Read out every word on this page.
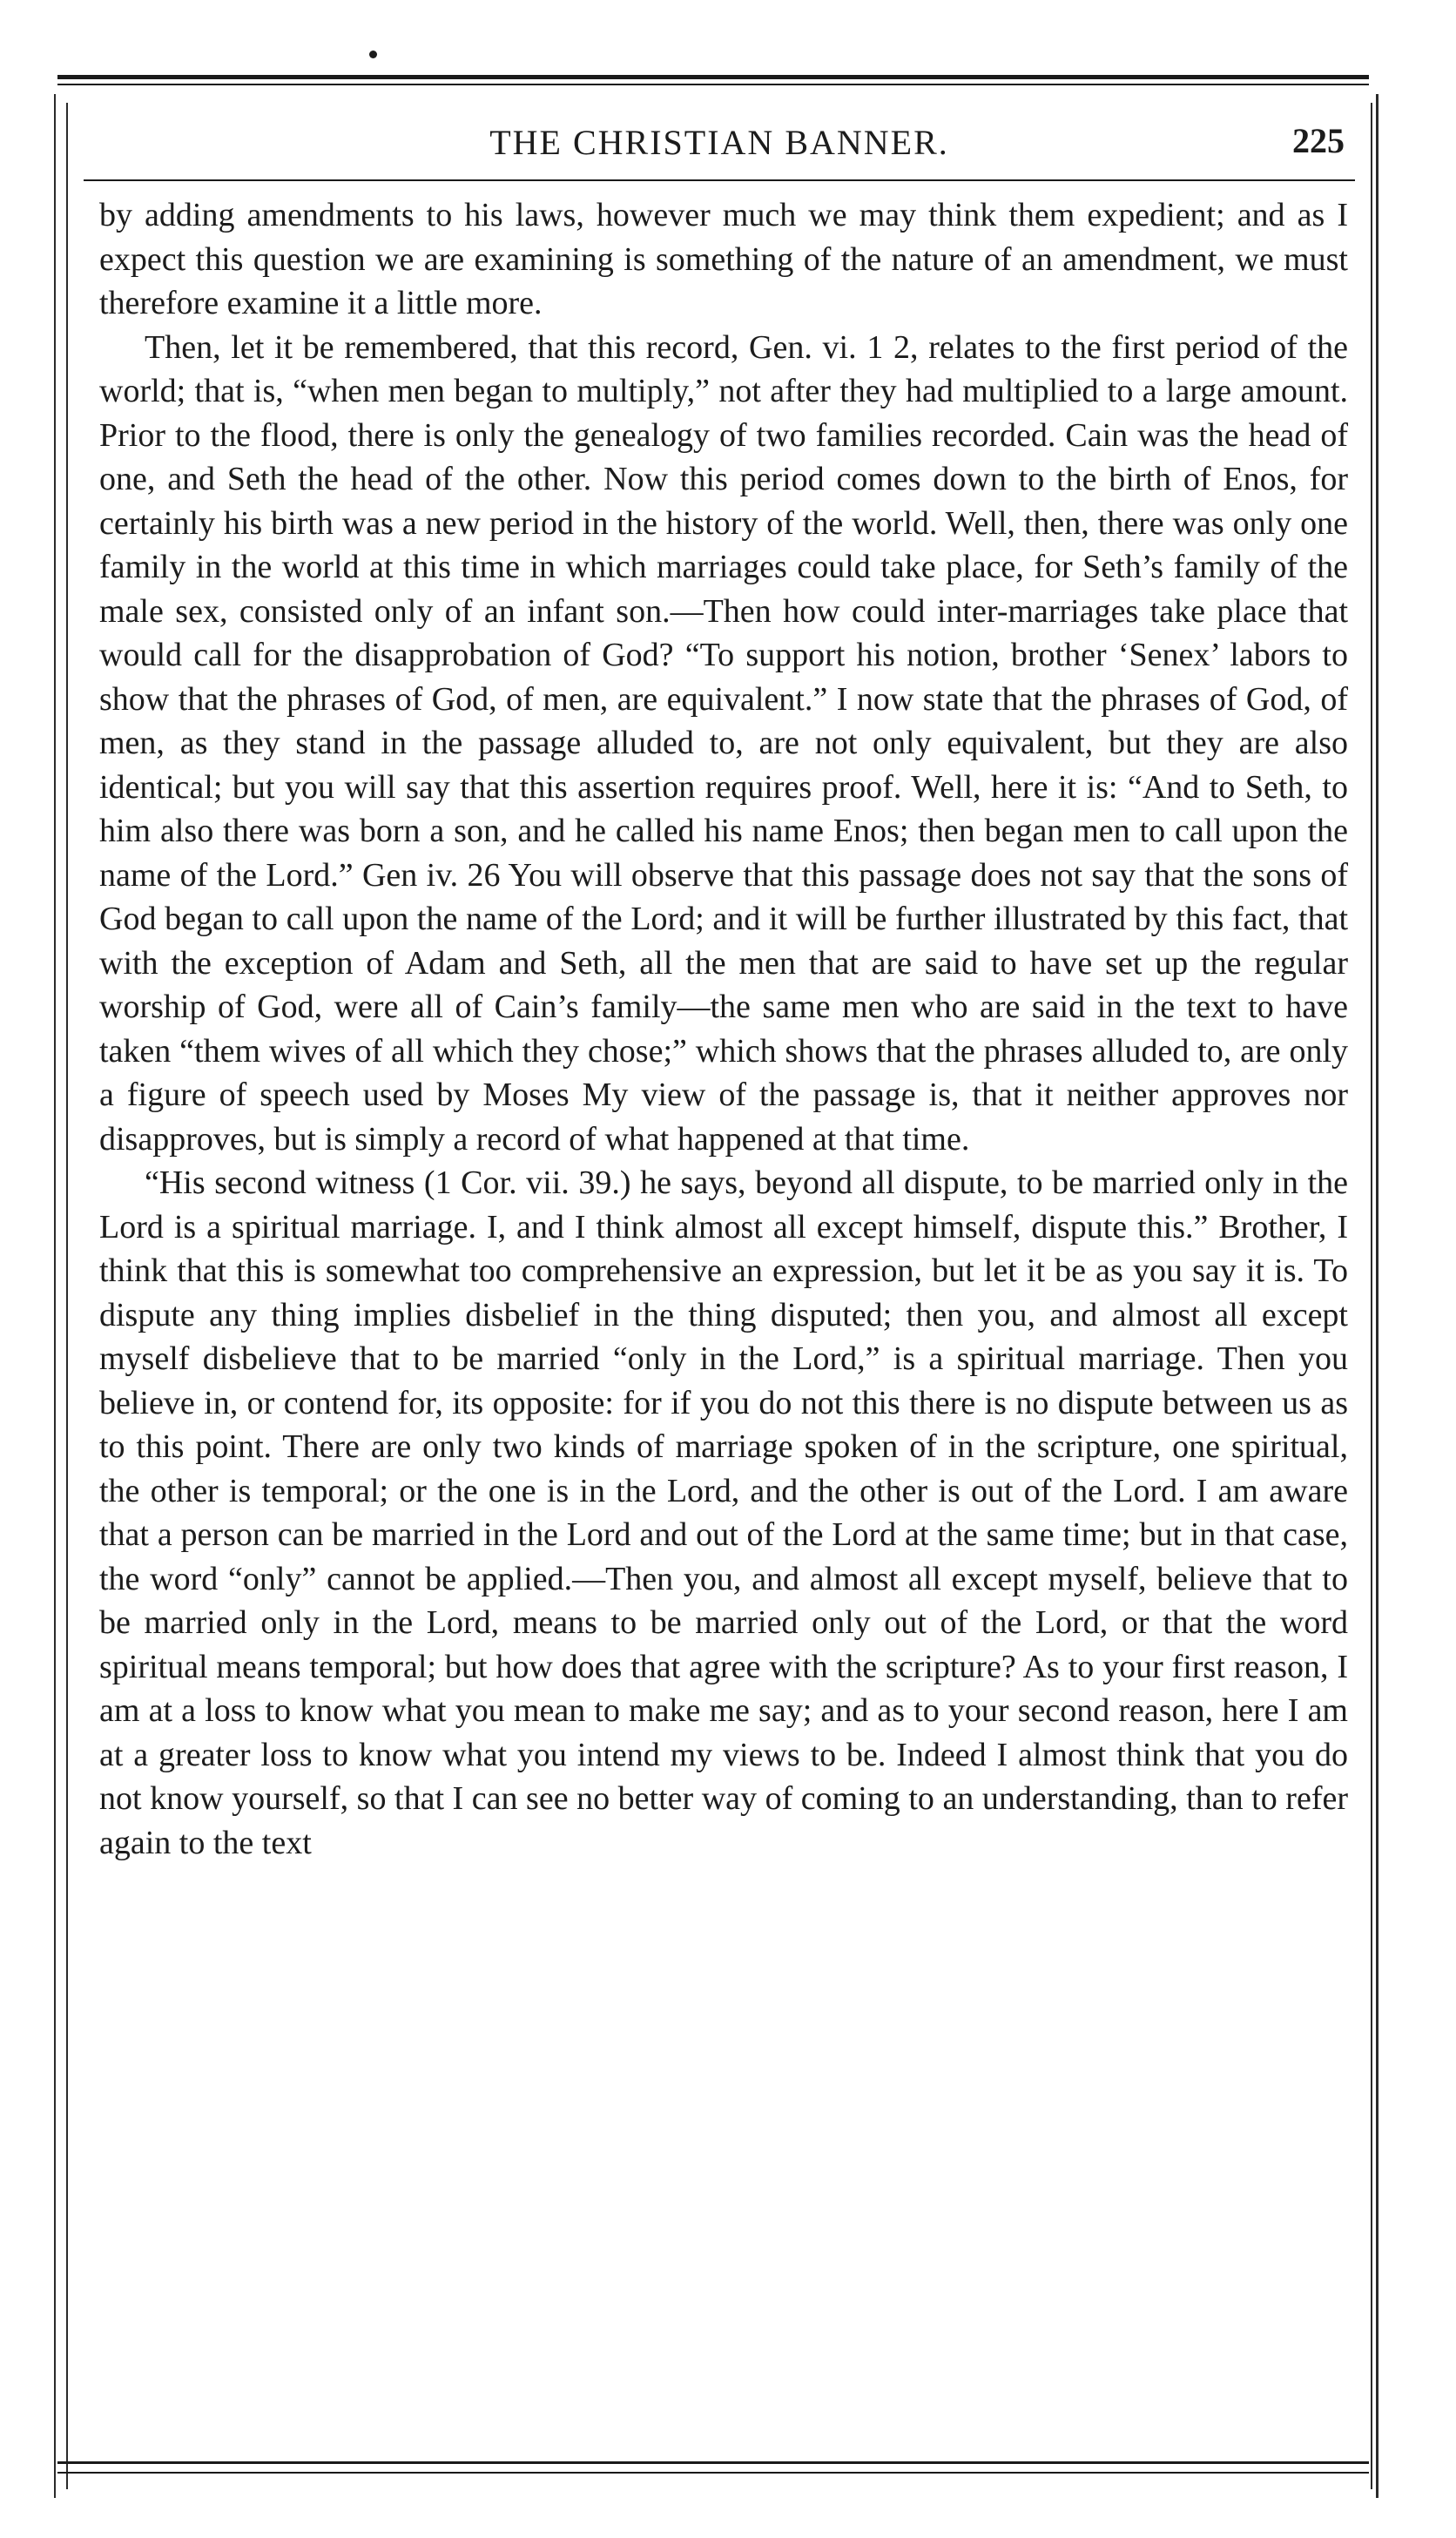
THE CHRISTIAN BANNER.	225

by adding amendments to his laws, however much we may think them expedient; and as I expect this question we are examining is something of the nature of an amendment, we must therefore examine it a little more.

Then, let it be remembered, that this record, Gen. vi. 1 2, relates to the first period of the world; that is, “when men began to multiply,” not after they had multiplied to a large amount. Prior to the flood, there is only the genealogy of two families recorded. Cain was the head of one, and Seth the head of the other. Now this period comes down to the birth of Enos, for certainly his birth was a new period in the history of the world. Well, then, there was only one family in the world at this time in which marriages could take place, for Seth’s family of the male sex, consisted only of an infant son.—Then how could inter-marriages take place that would call for the disapprobation of God? “To support his notion, brother ‘Senex’ labors to show that the phrases of God, of men, are equivalent.” I now state that the phrases of God, of men, as they stand in the passage alluded to, are not only equivalent, but they are also identical; but you will say that this assertion requires proof. Well, here it is: “And to Seth, to him also there was born a son, and he called his name Enos; then began men to call upon the name of the Lord.” Gen iv. 26 You will observe that this passage does not say that the sons of God began to call upon the name of the Lord; and it will be further illustrated by this fact, that with the exception of Adam and Seth, all the men that are said to have set up the regular worship of God, were all of Cain’s family—the same men who are said in the text to have taken “them wives of all which they chose;” which shows that the phrases alluded to, are only a figure of speech used by Moses My view of the passage is, that it neither approves nor disapproves, but is simply a record of what happened at that time.

“His second witness (1 Cor. vii. 39.) he says, beyond all dispute, to be married only in the Lord is a spiritual marriage. I, and I think almost all except himself, dispute this.” Brother, I think that this is somewhat too comprehensive an expression, but let it be as you say it is. To dispute any thing implies disbelief in the thing disputed; then you, and almost all except myself disbelieve that to be married “only in the Lord,” is a spiritual marriage. Then you believe in, or contend for, its opposite: for if you do not this there is no dispute between us as to this point. There are only two kinds of marriage spoken of in the scripture, one spiritual, the other is temporal; or the one is in the Lord, and the other is out of the Lord. I am aware that a person can be married in the Lord and out of the Lord at the same time; but in that case, the word “only” cannot be applied.—Then you, and almost all except myself, believe that to be married only in the Lord, means to be married only out of the Lord, or that the word spiritual means temporal; but how does that agree with the scripture? As to your first reason, I am at a loss to know what you mean to make me say; and as to your second reason, here I am at a greater loss to know what you intend my views to be. Indeed I almost think that you do not know yourself, so that I can see no better way of coming to an understanding, than to refer again to the text
